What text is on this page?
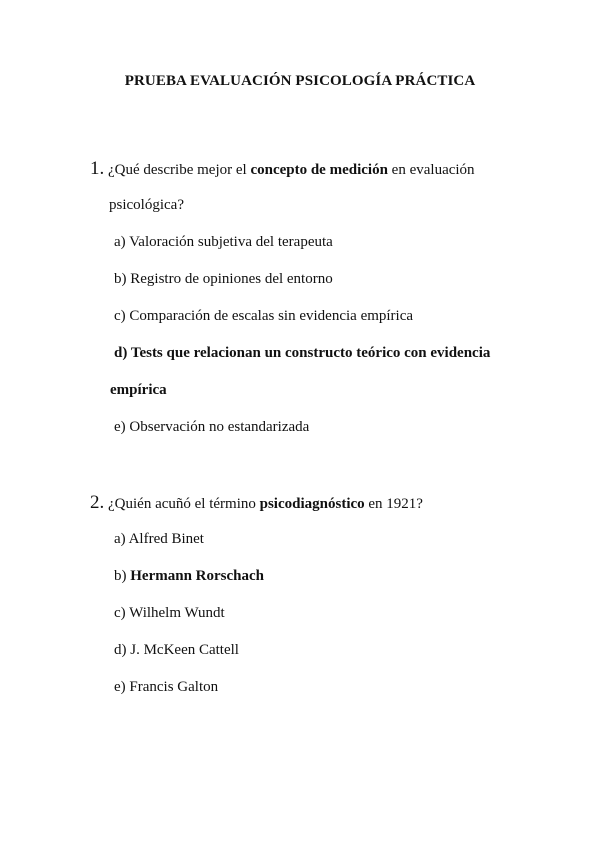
PRUEBA EVALUACIÓN PSICOLOGÍA PRÁCTICA
1. ¿Qué describe mejor el concepto de medición en evaluación
psicológica?
a) Valoración subjetiva del terapeuta
b) Registro de opiniones del entorno
c) Comparación de escalas sin evidencia empírica
d) Tests que relacionan un constructo teórico con evidencia
empírica
e) Observación no estandarizada
2. ¿Quién acuñó el término psicodiagnóstico en 1921?
a) Alfred Binet
b) Hermann Rorschach
c) Wilhelm Wundt
d) J. McKeen Cattell
e) Francis Galton
